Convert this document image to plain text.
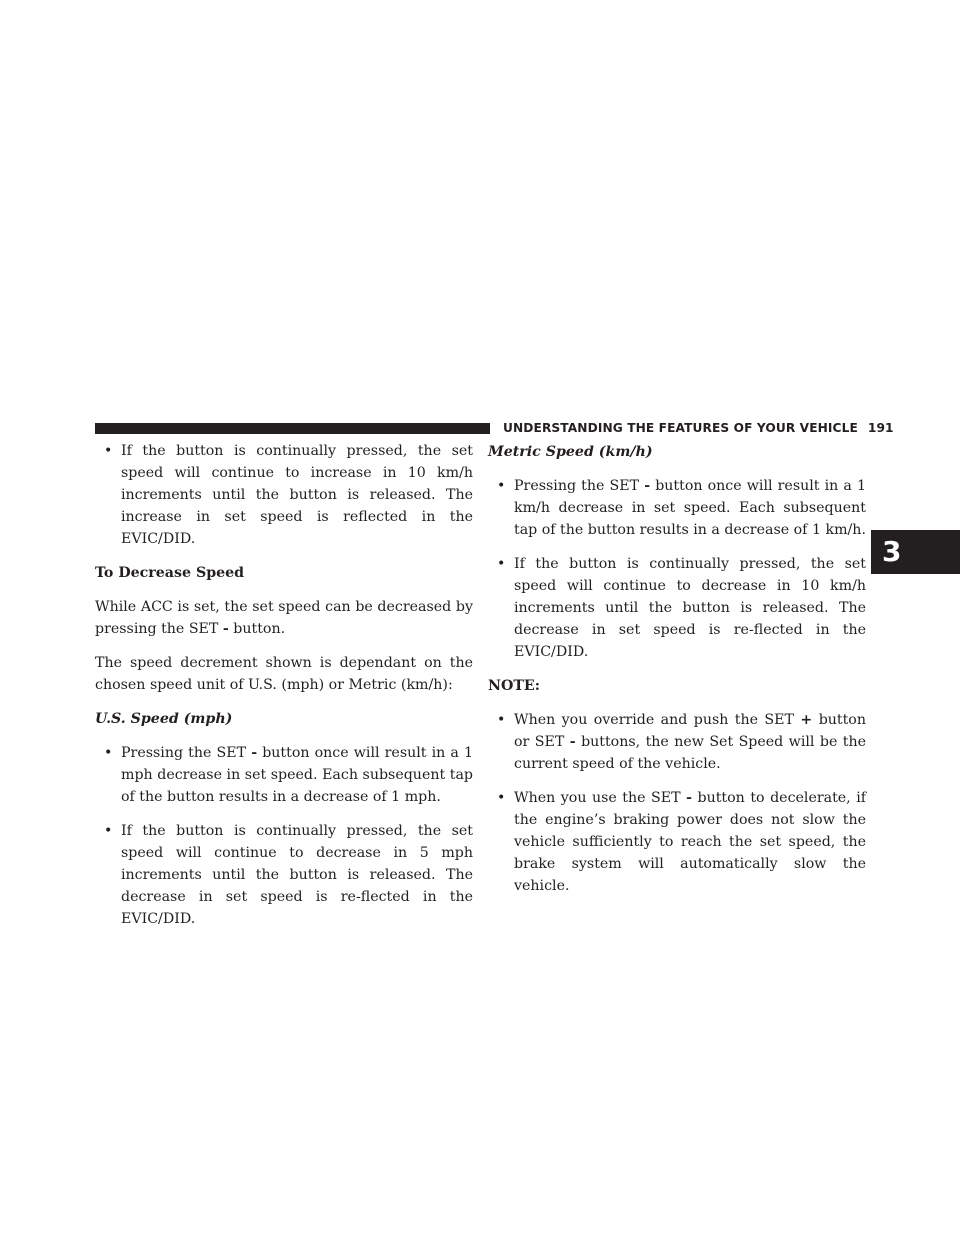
UNDERSTANDING THE FEATURES OF YOUR VEHICLE 191
3
• If the button is continually pressed, the set speed will continue to increase in 10 km/h increments until the button is released. The increase in set speed is reflected in the EVIC/DID.
To Decrease Speed

While ACC is set, the set speed can be decreased by pressing the SET - button.

The speed decrement shown is dependant on the chosen speed unit of U.S. (mph) or Metric (km/h):

U.S. Speed (mph)
• Pressing the SET - button once will result in a 1 mph decrease in set speed. Each subsequent tap of the button results in a decrease of 1 mph.
• If the button is continually pressed, the set speed will continue to decrease in 5 mph increments until the button is released. The decrease in set speed is re-flected in the EVIC/DID.
Metric Speed (km/h)
• Pressing the SET - button once will result in a 1 km/h decrease in set speed. Each subsequent tap of the button results in a decrease of 1 km/h.
• If the button is continually pressed, the set speed will continue to decrease in 10 km/h increments until the button is released. The decrease in set speed is re-flected in the EVIC/DID.
NOTE:
• When you override and push the SET + button or SET - buttons, the new Set Speed will be the current speed of the vehicle.
• When you use the SET - button to decelerate, if the engine’s braking power does not slow the vehicle sufficiently to reach the set speed, the brake system will automatically slow the vehicle.
